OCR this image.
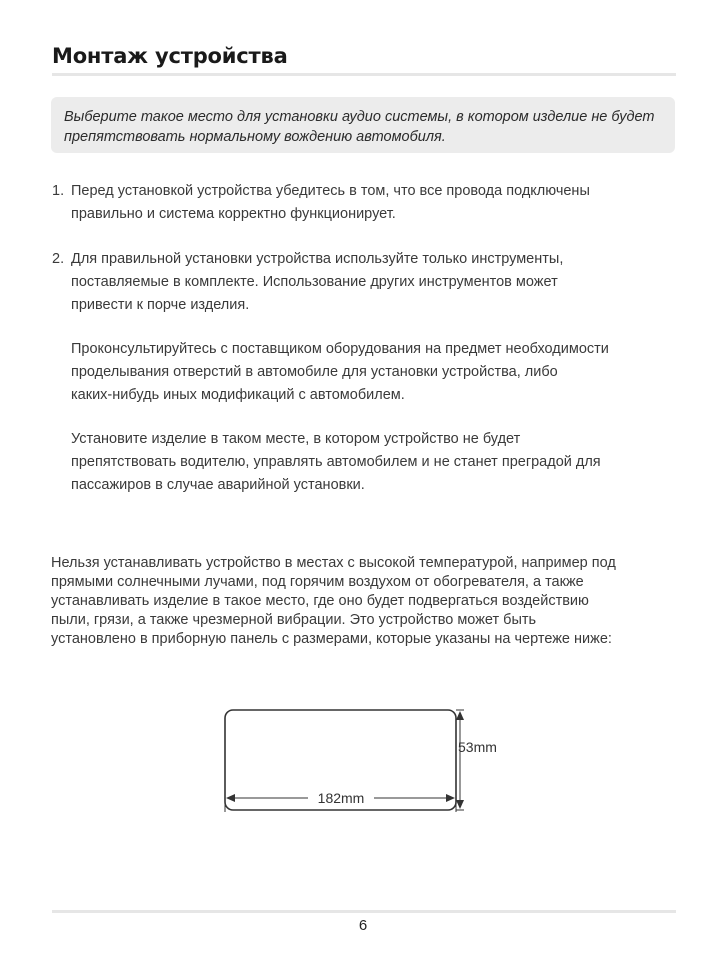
Монтаж устройства
Выберите такое место для установки аудио системы, в котором изделие не будет препятствовать нормальному вождению автомобиля.
1. Перед установкой устройства убедитесь в том, что все провода подключены
правильно и система корректно функционирует.
2. Для правильной установки устройства используйте только инструменты,
поставляемые в комплекте. Использование других инструментов может
привести к порче изделия.
Проконсультируйтесь с поставщиком оборудования на предмет необходимости
проделывания отверстий в автомобиле для установки устройства, либо
каких-нибудь иных модификаций с автомобилем.
Установите изделие в таком месте, в котором устройство не будет
препятствовать водителю, управлять автомобилем и не станет преградой для
пассажиров в случае аварийной установки.
Нельзя устанавливать устройство в местах с высокой температурой, например под
прямыми солнечными лучами, под горячим воздухом от обогревателя, а также
устанавливать изделие в такое место, где оно будет подвергаться воздействию
пыли, грязи, а также чрезмерной вибрации. Это устройство может быть
установлено в приборную панель с размерами, которые указаны на чертеже ниже:
53mm
182mm
6
